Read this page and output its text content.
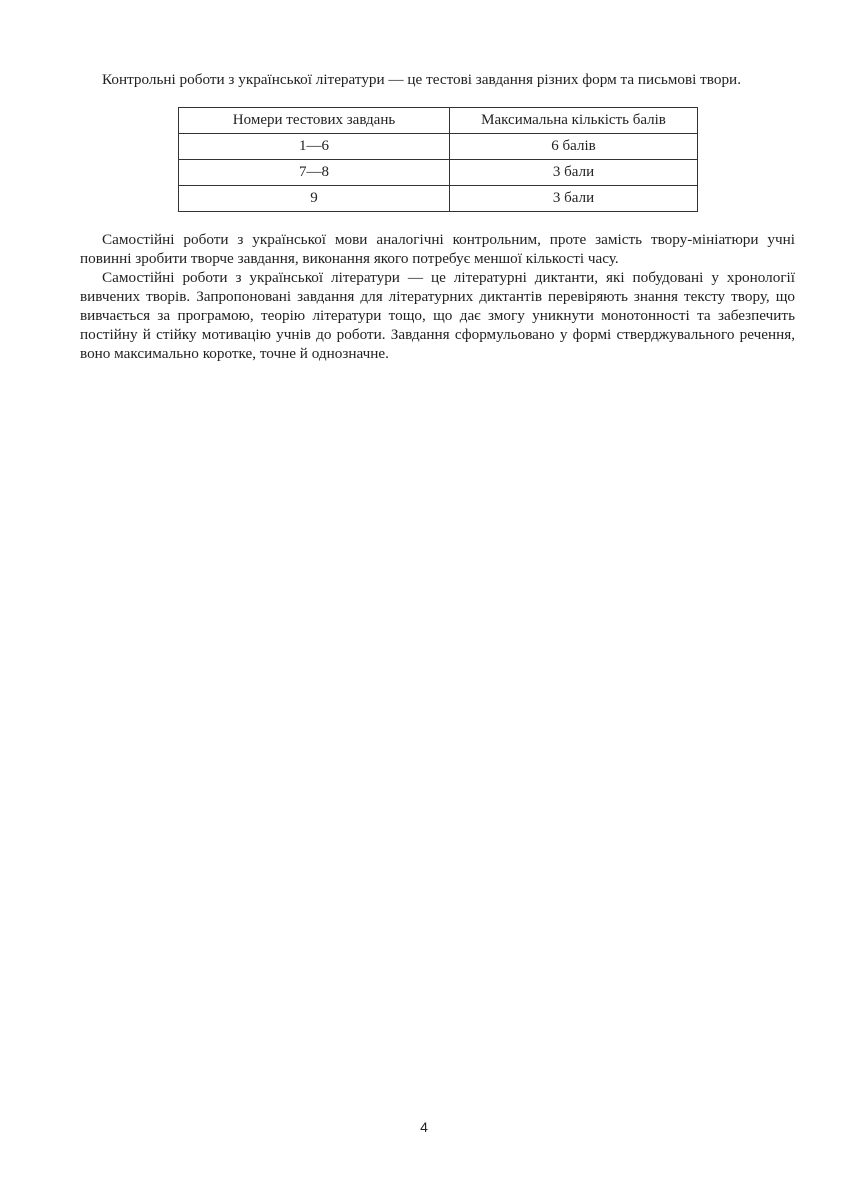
Контрольні роботи з української літератури — це тестові завдання різних форм та письмові твори.

Номери тестових завдань	Максимальна кількість балів
1—6	6 балів
7—8	3 бали
9	3 бали

Самостійні роботи з української мови аналогічні контрольним, проте замість твору-мініатюри учні повинні зробити творче завдання, виконання якого потребує меншої кількості часу.

Самостійні роботи з української літератури — це літературні диктанти, які побудовані у хронології вивчених творів. Запропоновані завдання для літературних диктантів перевіряють знання тексту твору, що вивчається за програмою, теорію літератури тощо, що дає змогу уникнути монотонності та забезпечить постійну й стійку мотивацію учнів до роботи. Завдання сформульовано у формі стверджувального речення, воно максимально коротке, точне й однозначне.

4
